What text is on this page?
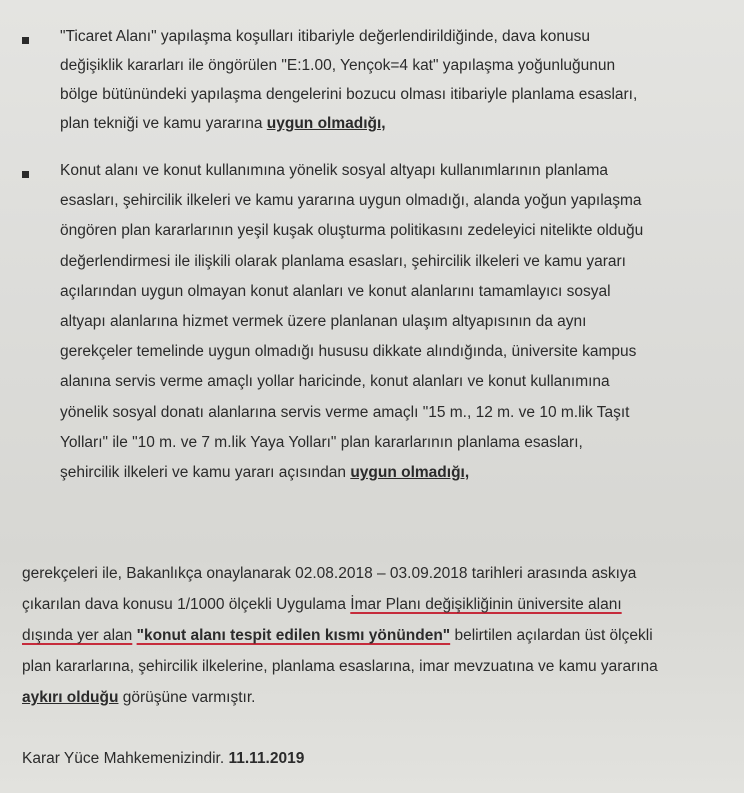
"Ticaret Alanı" yapılaşma koşulları itibariyle değerlendirildiğinde, dava konusu

değişiklik kararları ile öngörülen "E:1.00, Yençok=4 kat" yapılaşma yoğunluğunun

bölge bütünündeki yapılaşma dengelerini bozucu olması itibariyle planlama esasları,

plan tekniği ve kamu yararına uygun olmadığı,

Konut alanı ve konut kullanımına yönelik sosyal altyapı kullanımlarının planlama

esasları, şehircilik ilkeleri ve kamu yararına uygun olmadığı, alanda yoğun yapılaşma

öngören plan kararlarının yeşil kuşak oluşturma politikasını zedeleyici nitelikte olduğu

değerlendirmesi ile ilişkili olarak planlama esasları, şehircilik ilkeleri ve kamu yararı

açılarından uygun olmayan konut alanları ve konut alanlarını tamamlayıcı sosyal

altyapı alanlarına hizmet vermek üzere planlanan ulaşım altyapısının da aynı

gerekçeler temelinde uygun olmadığı hususu dikkate alındığında, üniversite kampus

alanına servis verme amaçlı yollar haricinde, konut alanları ve konut kullanımına

yönelik sosyal donatı alanlarına servis verme amaçlı "15 m., 12 m. ve 10 m.lik Taşıt

Yolları" ile "10 m. ve 7 m.lik Yaya Yolları" plan kararlarının planlama esasları,

şehircilik ilkeleri ve kamu yararı açısından uygun olmadığı,

gerekçeleri ile, Bakanlıkça onaylanarak 02.08.2018 – 03.09.2018 tarihleri arasında askıya

çıkarılan dava konusu 1/1000 ölçekli Uygulama İmar Planı değişikliğinin üniversite alanı

dışında yer alan "konut alanı tespit edilen kısmı yönünden" belirtilen açılardan üst ölçekli

plan kararlarına, şehircilik ilkelerine, planlama esaslarına, imar mevzuatına ve kamu yararına

aykırı olduğu görüşüne varmıştır.

Karar Yüce Mahkemenizindir. 11.11.2019
